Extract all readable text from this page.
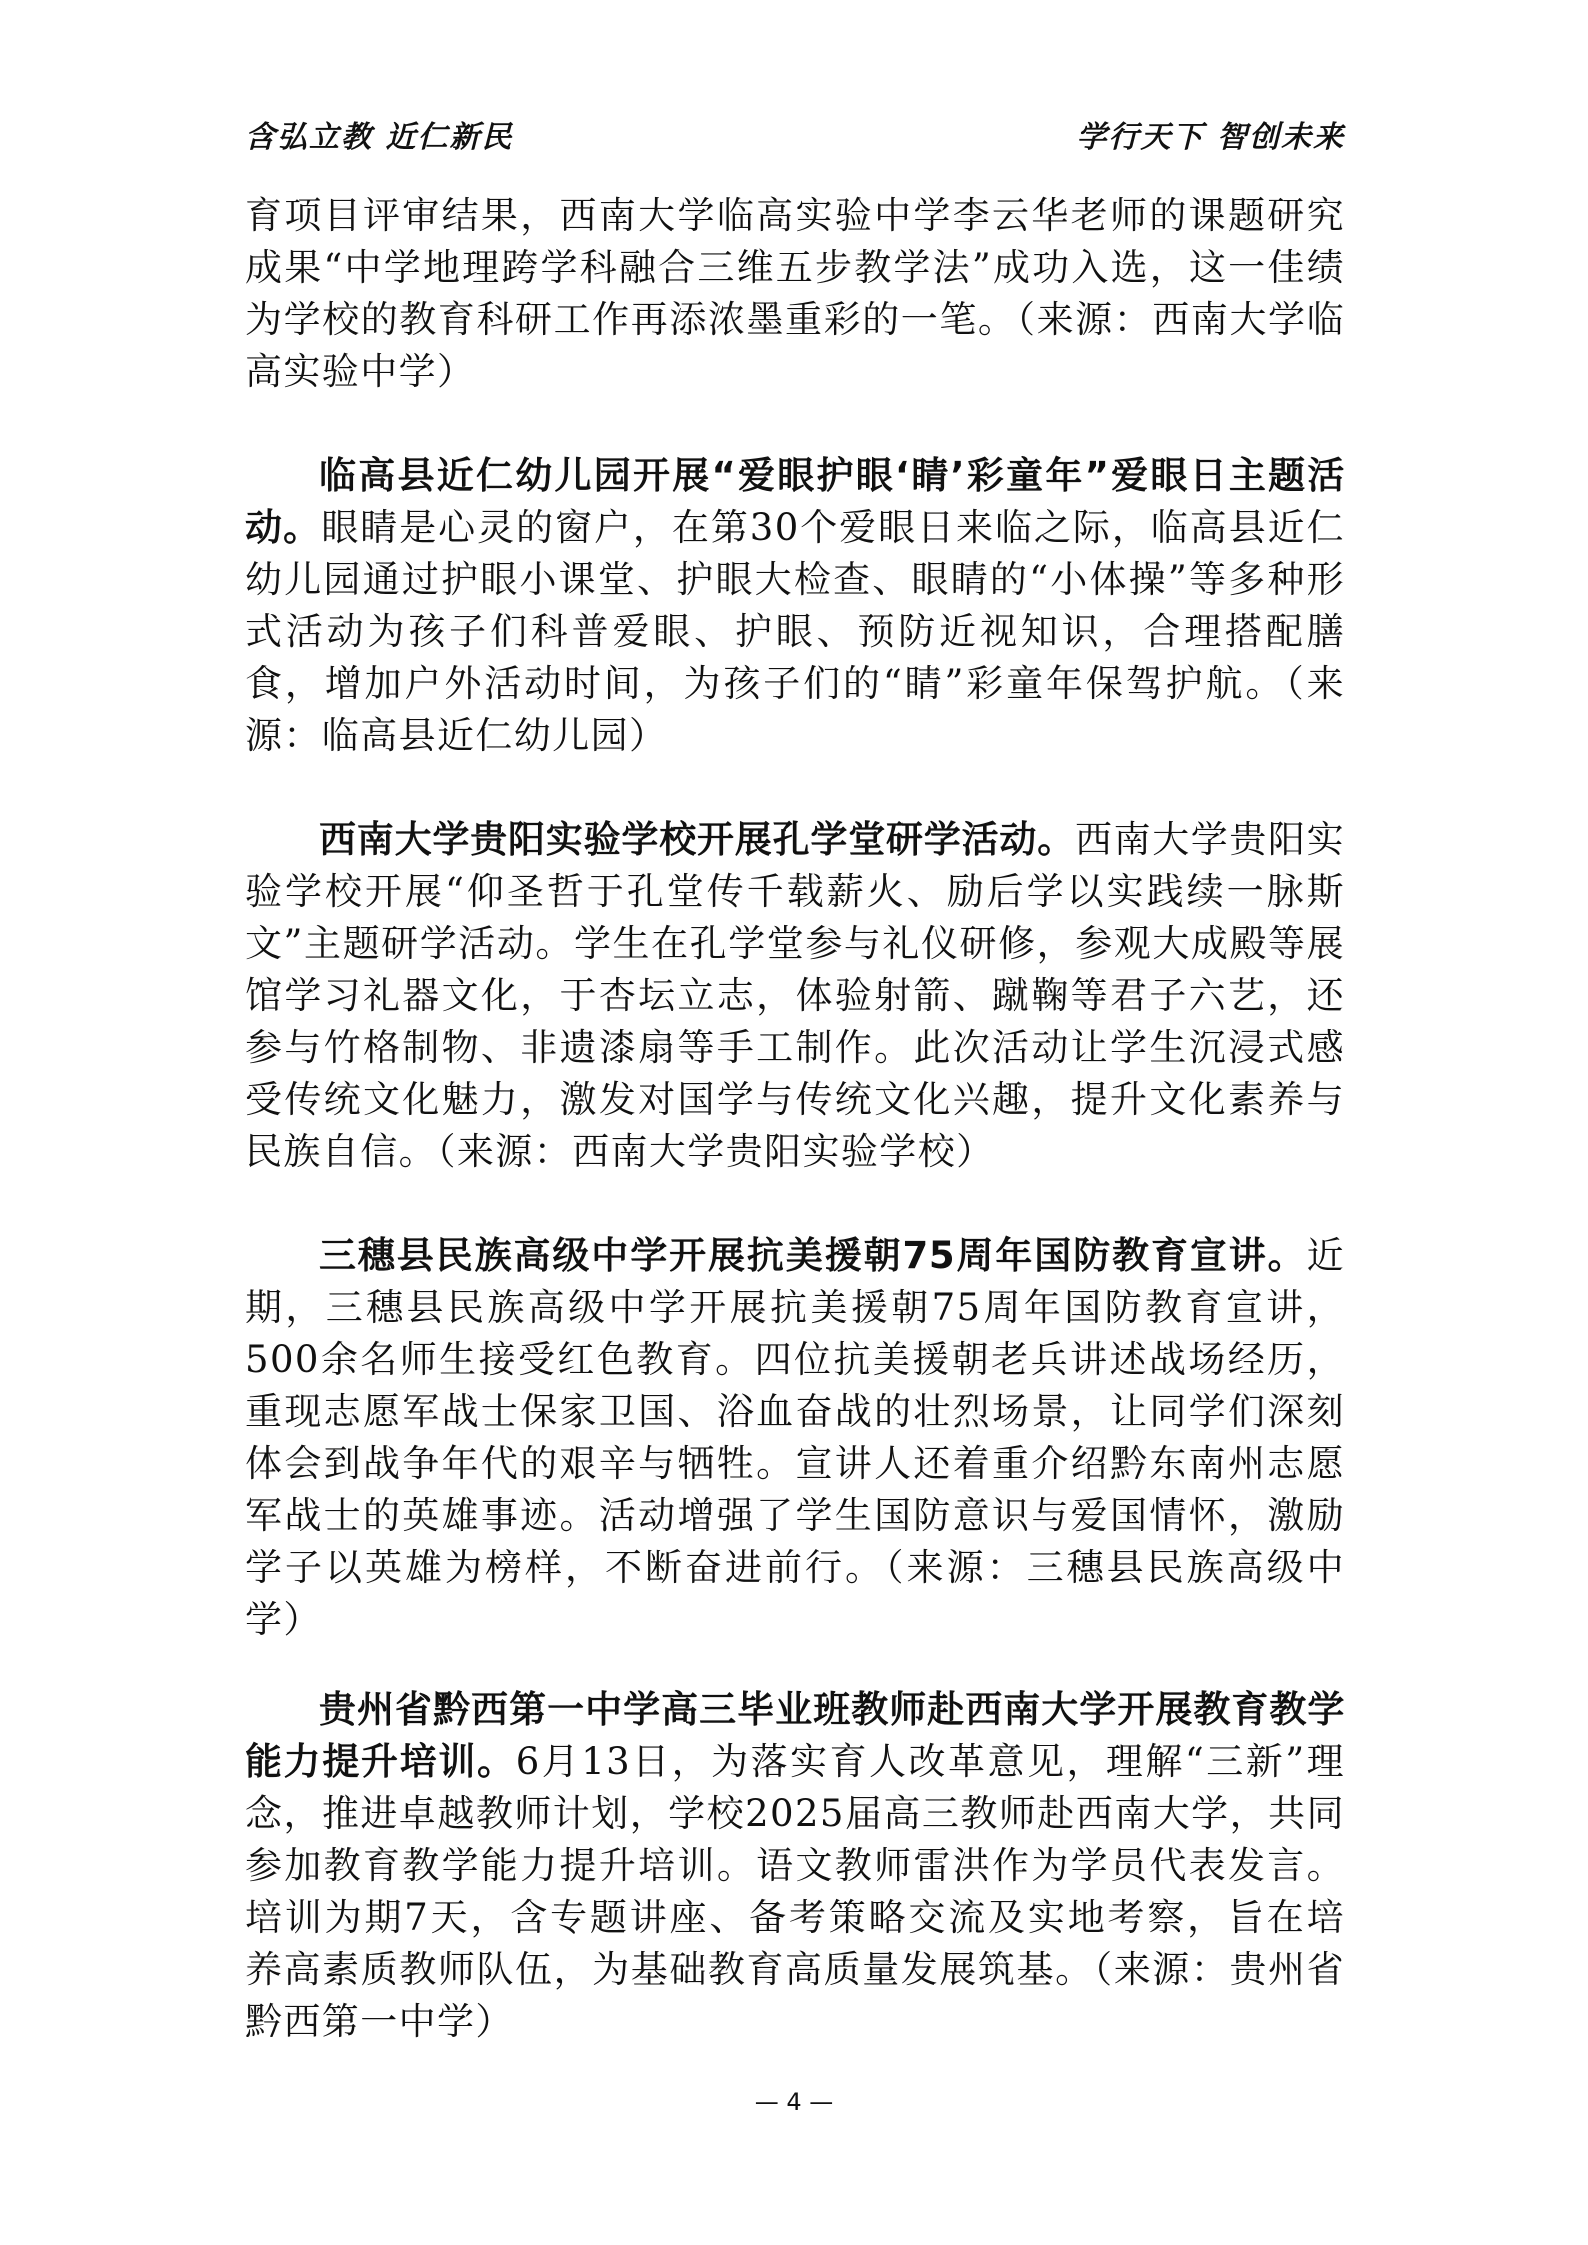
含弘立教 近仁新民	学行天下 智创未来

育项目评审结果，西南大学临高实验中学李云华老师的课题研究成果“中学地理跨学科融合三维五步教学法”成功入选，这一佳绩为学校的教育科研工作再添浓墨重彩的一笔。（来源：西南大学临高实验中学）

临高县近仁幼儿园开展“爱眼护眼‘睛’彩童年”爱眼日主题活动。眼睛是心灵的窗户，在第30个爱眼日来临之际，临高县近仁幼儿园通过护眼小课堂、护眼大检查、眼睛的“小体操”等多种形式活动为孩子们科普爱眼、护眼、预防近视知识，合理搭配膳食，增加户外活动时间，为孩子们的“睛”彩童年保驾护航。（来源：临高县近仁幼儿园）

西南大学贵阳实验学校开展孔学堂研学活动。西南大学贵阳实验学校开展“仰圣哲于孔堂传千载薪火、励后学以实践续一脉斯文”主题研学活动。学生在孔学堂参与礼仪研修，参观大成殿等展馆学习礼器文化，于杏坛立志，体验射箭、蹴鞠等君子六艺，还参与竹格制物、非遗漆扇等手工制作。此次活动让学生沉浸式感受传统文化魅力，激发对国学与传统文化兴趣，提升文化素养与民族自信。（来源：西南大学贵阳实验学校）

三穗县民族高级中学开展抗美援朝75周年国防教育宣讲。近期，三穗县民族高级中学开展抗美援朝75周年国防教育宣讲，500余名师生接受红色教育。四位抗美援朝老兵讲述战场经历，重现志愿军战士保家卫国、浴血奋战的壮烈场景，让同学们深刻体会到战争年代的艰辛与牺牲。宣讲人还着重介绍黔东南州志愿军战士的英雄事迹。活动增强了学生国防意识与爱国情怀，激励学子以英雄为榜样，不断奋进前行。（来源：三穗县民族高级中学）

贵州省黔西第一中学高三毕业班教师赴西南大学开展教育教学能力提升培训。6月13日，为落实育人改革意见，理解“三新”理念，推进卓越教师计划，学校2025届高三教师赴西南大学，共同参加教育教学能力提升培训。语文教师雷洪作为学员代表发言。培训为期7天，含专题讲座、备考策略交流及实地考察，旨在培养高素质教师队伍，为基础教育高质量发展筑基。（来源：贵州省黔西第一中学）

— 4 —
